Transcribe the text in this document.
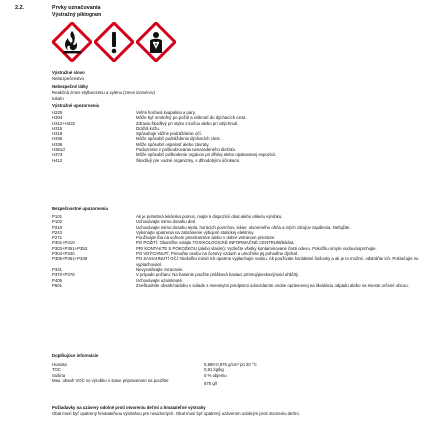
2.2.	Prvky označovania
Výstražný piktogram
Výstražné slovo
Nebezpečenstvo
Nebezpečné látky
Reakčná zmes etylbenzénu a xylénu (zmes izomérov)
toluén
Výstražné upozornenia
H225	Veľmi horľavá kvapalina a pary.
H304	Môže byť smrteľný po požití a vniknutí do dýchacích ciest.
H312+H332	Zdraviu škodlivý pri styku s kožou alebo pri vdýchnutí.
H315	Dráždi kožu.
H319	Spôsobuje vážne podráždenie očí.
H335	Môže spôsobiť podráždenie dýchacích ciest.
H336	Môže spôsobiť ospalosť alebo závraty.
H361d	Podozrenie z poškodzovania nenarodeného dieťaťa.
H373	Môže spôsobiť poškodenie orgánov pri dlhšej alebo opakovanej expozícii.
H412	Škodlivý pre vodné organizmy, s dlhodobými účinkami.
Bezpečnostné upozornenia
P101	Ak je potrebná lekárska pomoc, majte k dispozícii obal alebo etiketu výrobku.
P102	Uchovávajte mimo dosahu detí.
P210	Uchovávajte mimo dosahu tepla, horúcich povrchov, iskier, otvoreného ohňa a iných zdrojov zapálenia. Nefajčite.
P243	Vykonajte opatrenia na zabránenie výbojom statickej elektriny.
P271	Používajte iba na voľnom priestranstve alebo v dobre vetranom priestore.
P301+P310	PO POŽITÍ: Okamžite volajte TOXIKOLOGICKÉ INFORMAČNÉ CENTRUM/lekára.
P303+P361+P353	PRI KONTAKTE S POKOŽKOU (alebo vlasmi): Vyzlečte všetky kontaminované časti odevu. Pokožku omyte vodou/osprchujte.
P304+P340	PO VDÝCHNUTÍ: Presuňte osobu na čerstvý vzduch a umožnite jej pohodlne dýchať.
P305+P351+P338	PO ZASIAHNUTÍ OČÍ: Niekoľko minút ich opatrne vyplachujte vodou. Ak používate kontaktné šošovky a ak je to možné, odstráňte ich. Pokračujte vo vyplachovaní.
P331	Nevyvolávajte zvracanie.
P370+P378	V prípade požiaru: Na hasenie použite prášková hasiaci prístroj/pieskový/oxid uhličitý.
P405	Uchovávajte uzamknuté.
P501	Zneškodnite obsah/nádobu v súlade s miestnymi predpismi odovzdaním osobe oprávnenej na likvidáciu odpadu alebo na mieste určené obcou.
Doplňujúce informácie
Hustota	0,860-0,875 g/cm³ pri 20 °C
TOC	0,91 kg/kg
Sušina	0 % objemu
Max. obsah VOC vo výrobku v stave pripravenom na použitie
875 g/l
Požiadavky na uzávery odolné proti otvoreniu deťmi a hmatateľné výstrahy
Obal musí byť opatrený hmatateľnou výstrahou pre nevidomých. Obal musí byť opatrený uzáverom odolným proti otvoreniu deťmi.
